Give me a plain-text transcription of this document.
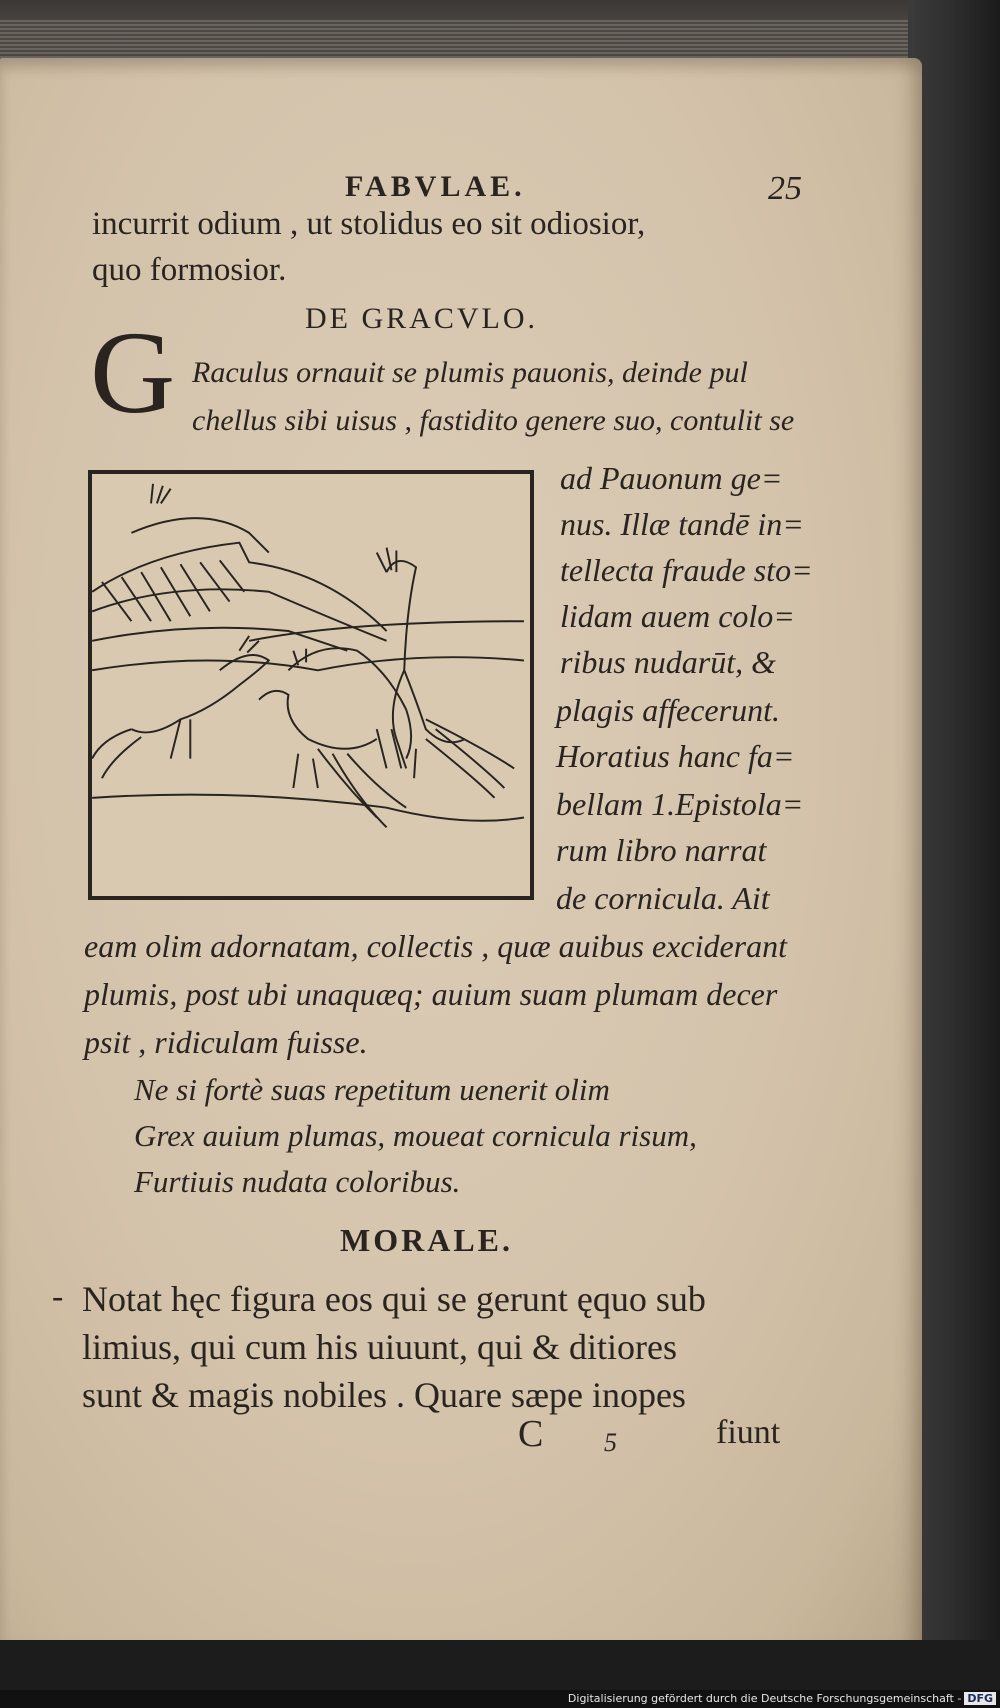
FABVLAE.	25
incurrit odium , ut stolidus eo sit odiosior,
quo formosior.
DE GRACVLO.
G Raculus ornauit se plumis pauonis, deinde pul
chellus sibi uisus , fastidito genere suo, contulit se
ad Pauonum ge=
nus. Illæ tandē in=
tellecta fraude sto=
lidam auem colo=
ribus nudarūt, &
plagis affecerunt.
Horatius hanc fa=
bellam 1.Epistola=
rum libro narrat
de cornicula. Ait
eam olim adornatam, collectis , quæ auibus exciderant
plumis, post ubi unaquæq; auium suam plumam decer
psit , ridiculam fuisse.
Ne si fortè suas repetitum uenerit olim
Grex auium plumas, moueat cornicula risum,
Furtiuis nudata coloribus.
MORALE.
- Notat hęc figura eos qui se gerunt ęquo sub
limius, qui cum his uiuunt, qui & ditiores
sunt & magis nobiles . Quare sæpe inopes
C 5	fiunt
Digitalisierung gefördert durch die Deutsche Forschungsgemeinschaft - DFG
